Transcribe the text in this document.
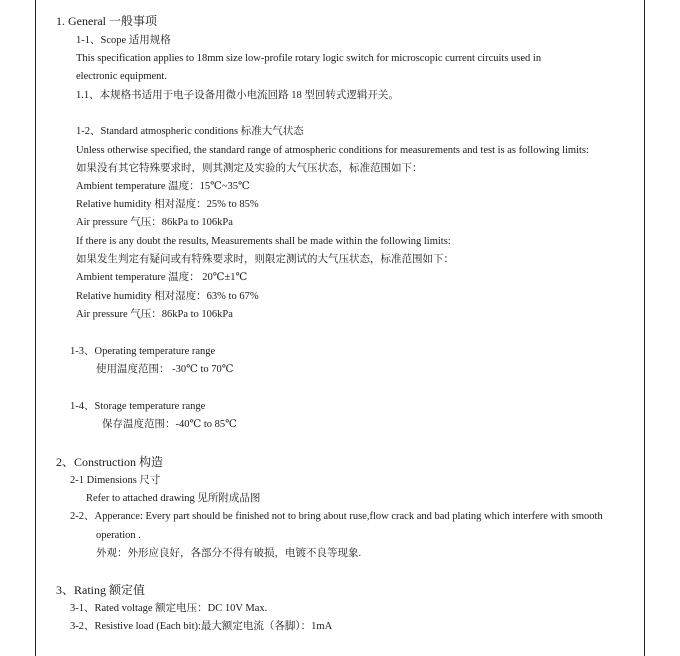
1. General 一般事项
1-1、Scope 适用规格
This specification applies to 18mm size low-profile rotary logic switch for microscopic current circuits used in
electronic equipment.
1.1、本规格书适用于电子设备用微小电流回路 18 型回转式逻辑开关。
1-2、Standard atmospheric conditions 标准大气状态
Unless otherwise specified, the standard range of atmospheric conditions for measurements and test is as following limits:
如果没有其它特殊要求时，则其测定及实验的大气压状态，标准范围如下：
Ambient temperature 温度：15℃~35℃
Relative humidity 相对湿度：25% to 85%
Air pressure 气压：86kPa to 106kPa
If there is any doubt the results, Measurements shall be made within the following limits:
如果发生判定有疑问或有特殊要求时，则限定测试的大气压状态，标准范围如下：
Ambient temperature 温度： 20℃±1℃
Relative humidity 相对湿度：63% to 67%
Air pressure 气压：86kPa to 106kPa
1-3、Operating temperature range
使用温度范围： -30℃ to 70℃
1-4、Storage temperature range
保存温度范围：-40℃ to 85℃
2、Construction 构造
2-1 Dimensions 尺寸
Refer to attached drawing 见所附成品图
2-2、Apperance: Every part should be finished not to bring about ruse,flow crack and bad plating which interfere with smooth
operation .
外观：外形应良好，各部分不得有破损，电镀不良等现象.
3、Rating 额定值
3-1、Rated voltage 额定电压：DC 10V Max.
3-2、Resistive load (Each bit):最大额定电流（各脚）：1mA
